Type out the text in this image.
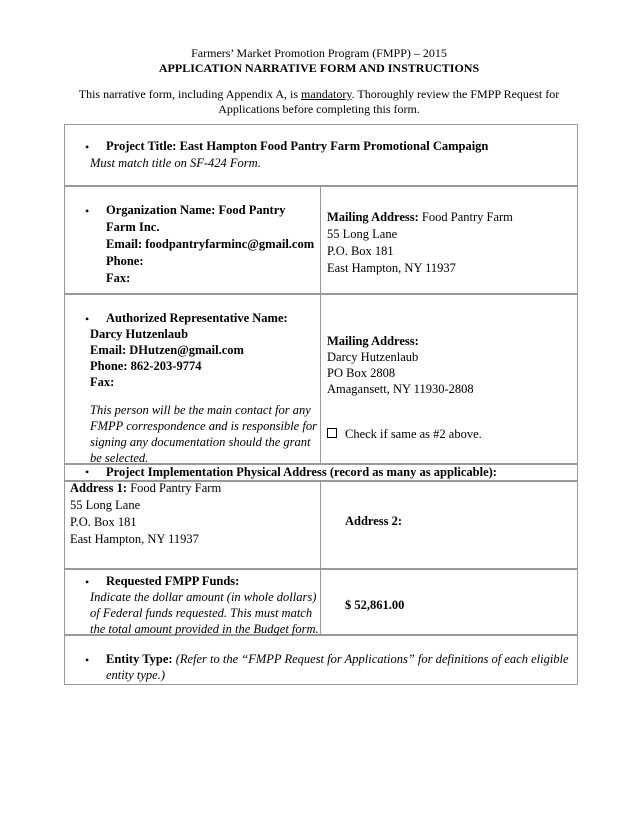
Farmers’ Market Promotion Program (FMPP) – 2015
APPLICATION NARRATIVE FORM AND INSTRUCTIONS
This narrative form, including Appendix A, is mandatory. Thoroughly review the FMPP Request for
Applications before completing this form.
• Project Title: East Hampton Food Pantry Farm Promotional Campaign
Must match title on SF-424 Form.
• Organization Name: Food Pantry
Farm Inc.
Email: foodpantryfarminc@gmail.com
Phone:
Fax:
Mailing Address: Food Pantry Farm
55 Long Lane
P.O. Box 181
East Hampton, NY 11937
• Authorized Representative Name:
Darcy Hutzenlaub
Email: DHutzen@gmail.com
Phone: 862-203-9774
Fax:
This person will be the main contact for any
FMPP correspondence and is responsible for
signing any documentation should the grant
be selected.
Mailing Address:
Darcy Hutzenlaub
PO Box 2808
Amagansett, NY 11930-2808
Check if same as #2 above.
• Project Implementation Physical Address (record as many as applicable):
Address 1: Food Pantry Farm
55 Long Lane
P.O. Box 181
East Hampton, NY 11937
Address 2:
• Requested FMPP Funds:
Indicate the dollar amount (in whole dollars)
of Federal funds requested. This must match
the total amount provided in the Budget form.
$ 52,861.00
• Entity Type: (Refer to the “FMPP Request for Applications” for definitions of each eligible
entity type.)
